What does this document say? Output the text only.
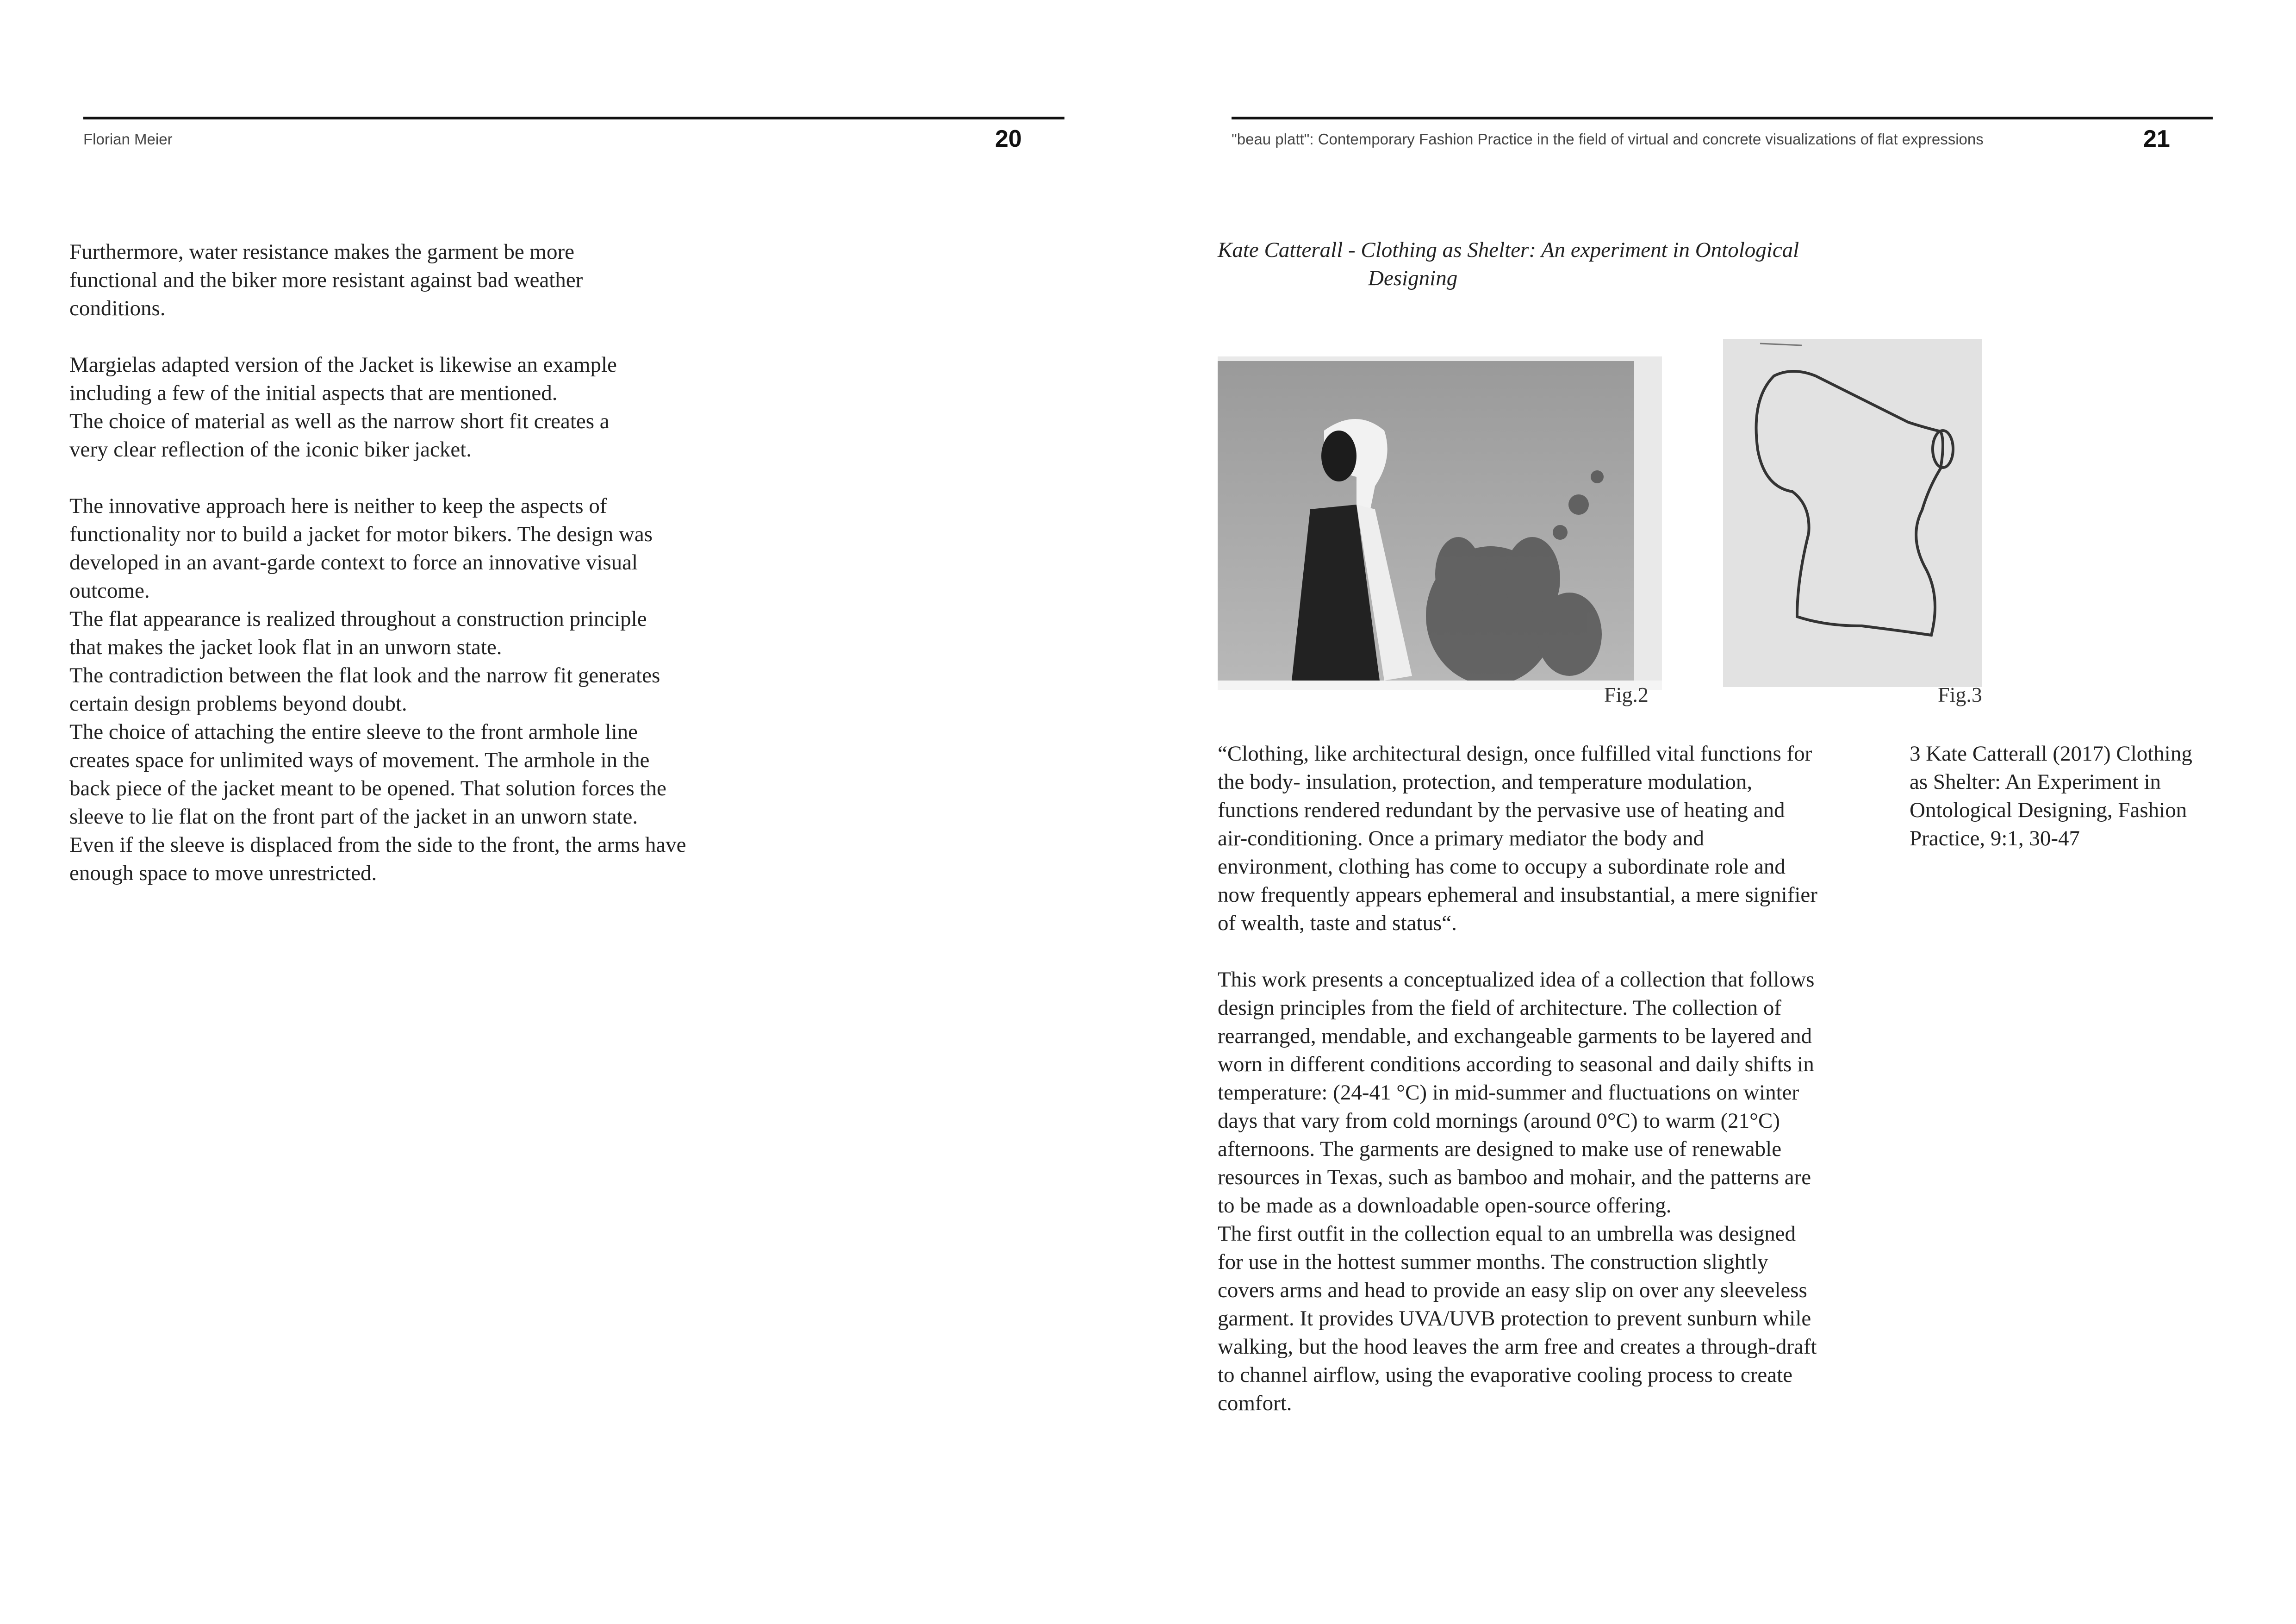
Florian Meier	20

Furthermore, water resistance makes the garment be more
functional and the biker more resistant against bad weather
conditions.

Margielas adapted version of the Jacket is likewise an example
including a few of the initial aspects that are mentioned.
The choice of material as well as the narrow short fit creates a
very clear reflection of the iconic biker jacket.

The innovative approach here is neither to keep the aspects of
functionality nor to build a jacket for motor bikers. The design was
developed in an avant-garde context to force an innovative visual
outcome.
The flat appearance is realized throughout a construction principle
that makes the jacket look flat in an unworn state.
The contradiction between the flat look and the narrow fit generates
certain design problems beyond doubt.
The choice of attaching the entire sleeve to the front armhole line
creates space for unlimited ways of movement. The armhole in the
back piece of the jacket meant to be opened. That solution forces the
sleeve to lie flat on the front part of the jacket in an unworn state.
Even if the sleeve is displaced from the side to the front, the arms have
enough space to move unrestricted.

"beau platt": Contemporary Fashion Practice in the field of virtual and concrete visualizations of flat expressions	21
Kate Catterall - Clothing as Shelter: An experiment in Ontological
Designing
Fig.2	Fig.3

“Clothing, like architectural design, once fulfilled vital functions for
the body- insulation, protection, and temperature modulation,
functions rendered redundant by the pervasive use of heating and
air-conditioning. Once a primary mediator the body and
environment, clothing has come to occupy a subordinate role and
now frequently appears ephemeral and insubstantial, a mere signifier
of wealth, taste and status“.

This work presents a conceptualized idea of a collection that follows
design principles from the field of architecture. The collection of
rearranged, mendable, and exchangeable garments to be layered and
worn in different conditions according to seasonal and daily shifts in
temperature: (24-41 °C) in mid-summer and fluctuations on winter
days that vary from cold mornings (around 0°C) to warm (21°C)
afternoons. The garments are designed to make use of renewable
resources in Texas, such as bamboo and mohair, and the patterns are
to be made as a downloadable open-source offering.
The first outfit in the collection equal to an umbrella was designed
for use in the hottest summer months. The construction slightly
covers arms and head to provide an easy slip on over any sleeveless
garment. It provides UVA/UVB protection to prevent sunburn while
walking, but the hood leaves the arm free and creates a through-draft
to channel airflow, using the evaporative cooling process to create
comfort.

3 Kate Catterall (2017) Clothing
as Shelter: An Experiment in
Ontological Designing, Fashion
Practice, 9:1, 30-47
